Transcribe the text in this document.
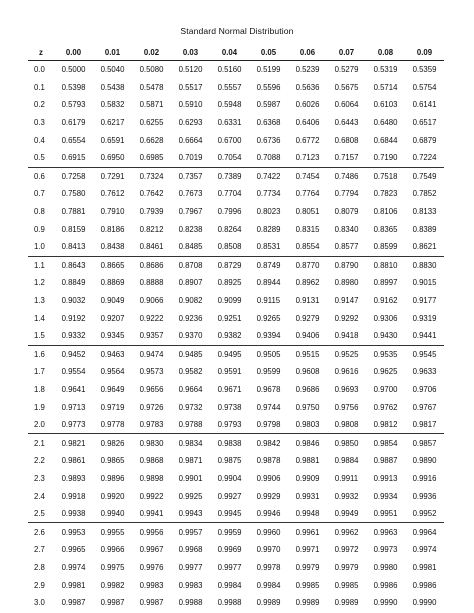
Standard Normal Distribution
z	0.00	0.01	0.02	0.03	0.04	0.05	0.06	0.07	0.08	0.09
0.0	0.5000	0.5040	0.5080	0.5120	0.5160	0.5199	0.5239	0.5279	0.5319	0.5359
0.1	0.5398	0.5438	0.5478	0.5517	0.5557	0.5596	0.5636	0.5675	0.5714	0.5754
0.2	0.5793	0.5832	0.5871	0.5910	0.5948	0.5987	0.6026	0.6064	0.6103	0.6141
0.3	0.6179	0.6217	0.6255	0.6293	0.6331	0.6368	0.6406	0.6443	0.6480	0.6517
0.4	0.6554	0.6591	0.6628	0.6664	0.6700	0.6736	0.6772	0.6808	0.6844	0.6879
0.5	0.6915	0.6950	0.6985	0.7019	0.7054	0.7088	0.7123	0.7157	0.7190	0.7224
0.6	0.7258	0.7291	0.7324	0.7357	0.7389	0.7422	0.7454	0.7486	0.7518	0.7549
0.7	0.7580	0.7612	0.7642	0.7673	0.7704	0.7734	0.7764	0.7794	0.7823	0.7852
0.8	0.7881	0.7910	0.7939	0.7967	0.7996	0.8023	0.8051	0.8079	0.8106	0.8133
0.9	0.8159	0.8186	0.8212	0.8238	0.8264	0.8289	0.8315	0.8340	0.8365	0.8389
1.0	0.8413	0.8438	0.8461	0.8485	0.8508	0.8531	0.8554	0.8577	0.8599	0.8621
1.1	0.8643	0.8665	0.8686	0.8708	0.8729	0.8749	0.8770	0.8790	0.8810	0.8830
1.2	0.8849	0.8869	0.8888	0.8907	0.8925	0.8944	0.8962	0.8980	0.8997	0.9015
1.3	0.9032	0.9049	0.9066	0.9082	0.9099	0.9115	0.9131	0.9147	0.9162	0.9177
1.4	0.9192	0.9207	0.9222	0.9236	0.9251	0.9265	0.9279	0.9292	0.9306	0.9319
1.5	0.9332	0.9345	0.9357	0.9370	0.9382	0.9394	0.9406	0.9418	0.9430	0.9441
1.6	0.9452	0.9463	0.9474	0.9485	0.9495	0.9505	0.9515	0.9525	0.9535	0.9545
1.7	0.9554	0.9564	0.9573	0.9582	0.9591	0.9599	0.9608	0.9616	0.9625	0.9633
1.8	0.9641	0.9649	0.9656	0.9664	0.9671	0.9678	0.9686	0.9693	0.9700	0.9706
1.9	0.9713	0.9719	0.9726	0.9732	0.9738	0.9744	0.9750	0.9756	0.9762	0.9767
2.0	0.9773	0.9778	0.9783	0.9788	0.9793	0.9798	0.9803	0.9808	0.9812	0.9817
2.1	0.9821	0.9826	0.9830	0.9834	0.9838	0.9842	0.9846	0.9850	0.9854	0.9857
2.2	0.9861	0.9865	0.9868	0.9871	0.9875	0.9878	0.9881	0.9884	0.9887	0.9890
2.3	0.9893	0.9896	0.9898	0.9901	0.9904	0.9906	0.9909	0.9911	0.9913	0.9916
2.4	0.9918	0.9920	0.9922	0.9925	0.9927	0.9929	0.9931	0.9932	0.9934	0.9936
2.5	0.9938	0.9940	0.9941	0.9943	0.9945	0.9946	0.9948	0.9949	0.9951	0.9952
2.6	0.9953	0.9955	0.9956	0.9957	0.9959	0.9960	0.9961	0.9962	0.9963	0.9964
2.7	0.9965	0.9966	0.9967	0.9968	0.9969	0.9970	0.9971	0.9972	0.9973	0.9974
2.8	0.9974	0.9975	0.9976	0.9977	0.9977	0.9978	0.9979	0.9979	0.9980	0.9981
2.9	0.9981	0.9982	0.9983	0.9983	0.9984	0.9984	0.9985	0.9985	0.9986	0.9986
3.0	0.9987	0.9987	0.9987	0.9988	0.9988	0.9989	0.9989	0.9989	0.9990	0.9990
